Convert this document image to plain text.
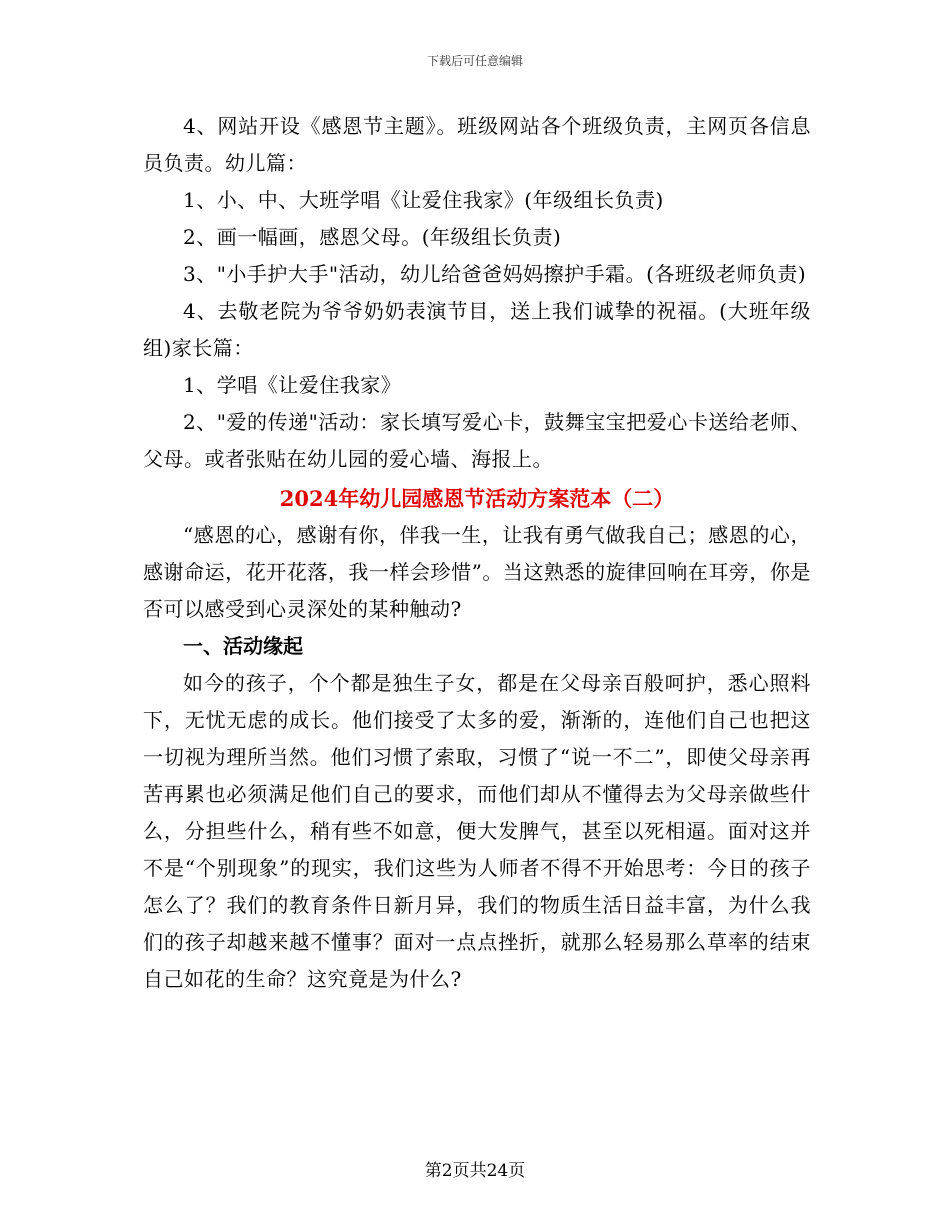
下载后可任意编辑

4、网站开设《感恩节主题》。班级网站各个班级负责，主网页各信息员负责。幼儿篇：

1、小、中、大班学唱《让爱住我家》(年级组长负责)

2、画一幅画，感恩父母。(年级组长负责)

3、"小手护大手"活动，幼儿给爸爸妈妈擦护手霜。(各班级老师负责)

4、去敬老院为爷爷奶奶表演节目，送上我们诚挚的祝福。(大班年级组)家长篇：

1、学唱《让爱住我家》

2、"爱的传递"活动：家长填写爱心卡，鼓舞宝宝把爱心卡送给老师、父母。或者张贴在幼儿园的爱心墙、海报上。

2024年幼儿园感恩节活动方案范本（二）

“感恩的心，感谢有你，伴我一生，让我有勇气做我自己；感恩的心，感谢命运，花开花落，我一样会珍惜”。当这熟悉的旋律回响在耳旁，你是否可以感受到心灵深处的某种触动?

一、活动缘起

如今的孩子，个个都是独生子女，都是在父母亲百般呵护，悉心照料下，无忧无虑的成长。他们接受了太多的爱，渐渐的，连他们自己也把这一切视为理所当然。他们习惯了索取，习惯了“说一不二”，即使父母亲再苦再累也必须满足他们自己的要求，而他们却从不懂得去为父母亲做些什么，分担些什么，稍有些不如意，便大发脾气，甚至以死相逼。面对这并不是“个别现象”的现实，我们这些为人师者不得不开始思考：今日的孩子怎么了？我们的教育条件日新月异，我们的物质生活日益丰富，为什么我们的孩子却越来越不懂事？面对一点点挫折，就那么轻易那么草率的结束自己如花的生命？这究竟是为什么?

第2页共24页
